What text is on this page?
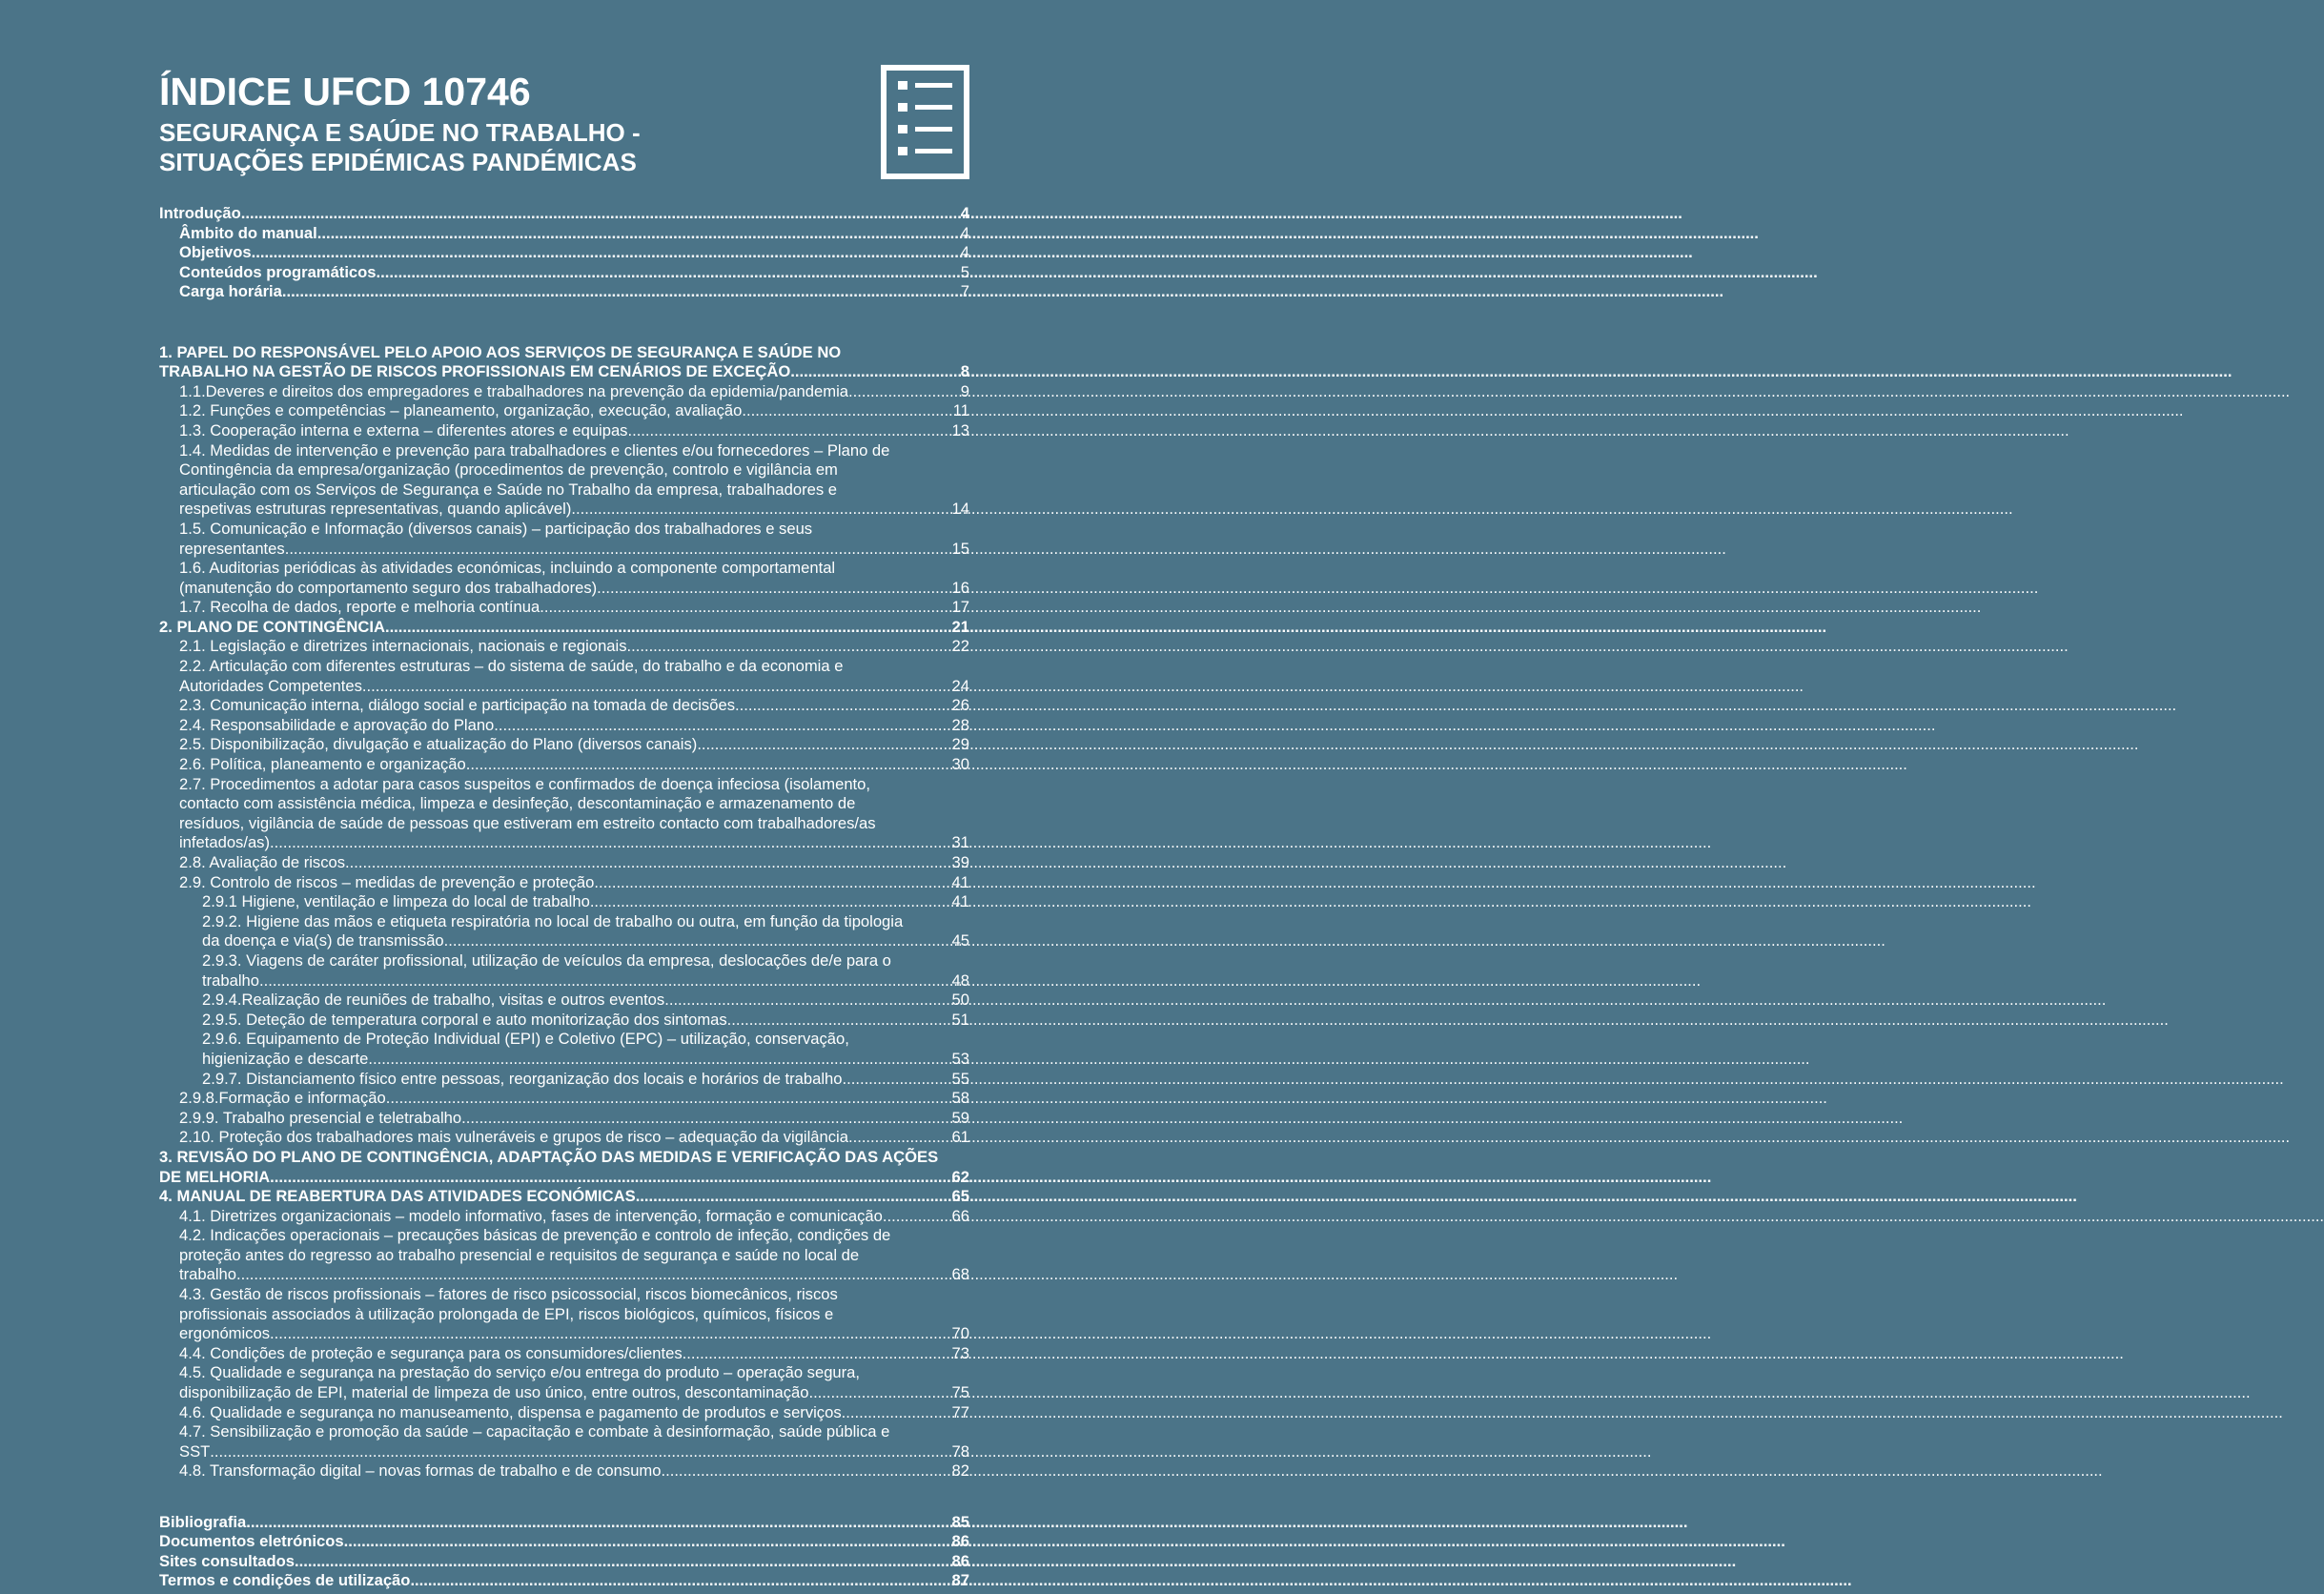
ÍNDICE UFCD 10746
SEGURANÇA E SAÚDE NO TRABALHO -
SITUAÇÕES EPIDÉMICAS PANDÉMICAS
Introdução .....	4
Âmbito do manual .....	4
Objetivos .....	4
Conteúdos programáticos .....	5
Carga horária .....	7
1. PAPEL DO RESPONSÁVEL PELO APOIO AOS SERVIÇOS DE SEGURANÇA E SAÚDE NO
TRABALHO NA GESTÃO DE RISCOS PROFISSIONAIS EM CENÁRIOS DE EXCEÇÃO .....	8
1.1.Deveres e direitos dos empregadores e trabalhadores na prevenção da epidemia/pandemia .....	9
1.2. Funções e competências – planeamento, organização, execução, avaliação .....	11
1.3. Cooperação interna e externa – diferentes atores e equipas .....	13
1.4. Medidas de intervenção e prevenção para trabalhadores e clientes e/ou fornecedores – Plano de
Contingência da empresa/organização (procedimentos de prevenção, controlo e vigilância em
articulação com os Serviços de Segurança e Saúde no Trabalho da empresa, trabalhadores e
respetivas estruturas representativas, quando aplicável) .....	14
1.5. Comunicação e Informação (diversos canais) – participação dos trabalhadores e seus
representantes .....	15
1.6. Auditorias periódicas às atividades económicas, incluindo a componente comportamental
(manutenção do comportamento seguro dos trabalhadores) .....	16
1.7. Recolha de dados, reporte e melhoria contínua .....	17
2. PLANO DE CONTINGÊNCIA .....	21
2.1. Legislação e diretrizes internacionais, nacionais e regionais .....	22
2.2. Articulação com diferentes estruturas – do sistema de saúde, do trabalho e da economia e
Autoridades Competentes .....	24
2.3. Comunicação interna, diálogo social e participação na tomada de decisões .....	26
2.4. Responsabilidade e aprovação do Plano .....	28
2.5. Disponibilização, divulgação e atualização do Plano (diversos canais) .....	29
2.6. Política, planeamento e organização .....	30
2.7. Procedimentos a adotar para casos suspeitos e confirmados de doença infeciosa (isolamento,
contacto com assistência médica, limpeza e desinfeção, descontaminação e armazenamento de
resíduos, vigilância de saúde de pessoas que estiveram em estreito contacto com trabalhadores/as
infetados/as) .....	31
2.8. Avaliação de riscos .....	39
2.9. Controlo de riscos – medidas de prevenção e proteção .....	41
2.9.1 Higiene, ventilação e limpeza do local de trabalho .....	41
2.9.2. Higiene das mãos e etiqueta respiratória no local de trabalho ou outra, em função da tipologia
da doença e via(s) de transmissão .....	45
2.9.3. Viagens de caráter profissional, utilização de veículos da empresa, deslocações de/e para o
trabalho .....	48
2.9.4.Realização de reuniões de trabalho, visitas e outros eventos .....	50
2.9.5. Deteção de temperatura corporal e auto monitorização dos sintomas .....	51
2.9.6. Equipamento de Proteção Individual (EPI) e Coletivo (EPC) – utilização, conservação,
higienização e descarte .....	53
2.9.7. Distanciamento físico entre pessoas, reorganização dos locais e horários de trabalho .....	55
2.9.8.Formação e informação .....	58
2.9.9. Trabalho presencial e teletrabalho .....	59
2.10. Proteção dos trabalhadores mais vulneráveis e grupos de risco – adequação da vigilância .....	61
3. REVISÃO DO PLANO DE CONTINGÊNCIA, ADAPTAÇÃO DAS MEDIDAS E VERIFICAÇÃO DAS AÇÕES
DE MELHORIA .....	62
4. MANUAL DE REABERTURA DAS ATIVIDADES ECONÓMICAS .....	65
4.1. Diretrizes organizacionais – modelo informativo, fases de intervenção, formação e comunicação .....	66
4.2. Indicações operacionais – precauções básicas de prevenção e controlo de infeção, condições de
proteção antes do regresso ao trabalho presencial e requisitos de segurança e saúde no local de
trabalho .....	68
4.3. Gestão de riscos profissionais – fatores de risco psicossocial, riscos biomecânicos, riscos
profissionais associados à utilização prolongada de EPI, riscos biológicos, químicos, físicos e
ergonómicos .....	70
4.4. Condições de proteção e segurança para os consumidores/clientes .....	73
4.5. Qualidade e segurança na prestação do serviço e/ou entrega do produto – operação segura,
disponibilização de EPI, material de limpeza de uso único, entre outros, descontaminação .....	75
4.6. Qualidade e segurança no manuseamento, dispensa e pagamento de produtos e serviços .....	77
4.7. Sensibilização e promoção da saúde – capacitação e combate à desinformação, saúde pública e
SST .....	78
4.8. Transformação digital – novas formas de trabalho e de consumo .....	82
Bibliografia .....	85
Documentos eletrónicos .....	86
Sites consultados .....	86
Termos e condições de utilização .....	87
